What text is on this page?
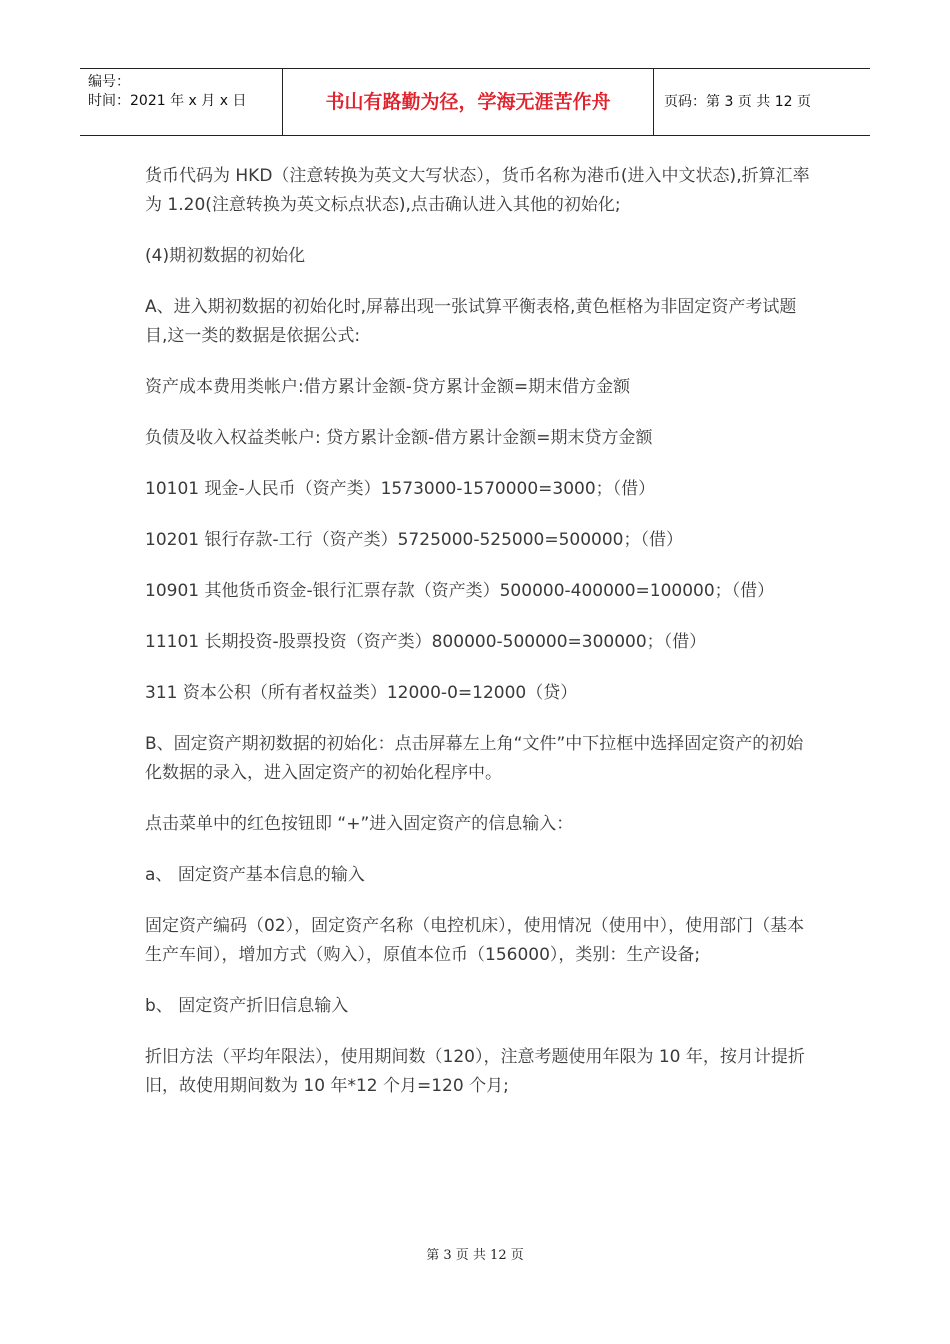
编号：
时间：2021 年 x 月 x 日	书山有路勤为径，学海无涯苦作舟	页码：第 3 页 共 12 页

货币代码为 HKD（注意转换为英文大写状态），货币名称为港币(进入中文状态),折算汇率为 1.20(注意转换为英文标点状态),点击确认进入其他的初始化;

(4)期初数据的初始化

A、进入期初数据的初始化时,屏幕出现一张试算平衡表格,黄色框格为非固定资产考试题目,这一类的数据是依据公式:

资产成本费用类帐户:借方累计金额-贷方累计金额=期末借方金额

负债及收入权益类帐户: 贷方累计金额-借方累计金额=期末贷方金额

10101 现金-人民币（资产类）1573000-1570000=3000；（借）

10201 银行存款-工行（资产类）5725000-525000=500000；（借）

10901 其他货币资金-银行汇票存款（资产类）500000-400000=100000；（借）

11101 长期投资-股票投资（资产类）800000-500000=300000；（借）

311 资本公积（所有者权益类）12000-0=12000（贷）

B、固定资产期初数据的初始化：点击屏幕左上角“文件”中下拉框中选择固定资产的初始化数据的录入，进入固定资产的初始化程序中。

点击菜单中的红色按钮即 “+”进入固定资产的信息输入：

a、 固定资产基本信息的输入

固定资产编码（02），固定资产名称（电控机床），使用情况（使用中），使用部门（基本生产车间），增加方式（购入），原值本位币（156000），类别：生产设备;

b、 固定资产折旧信息输入

折旧方法（平均年限法），使用期间数（120），注意考题使用年限为 10 年，按月计提折旧，故使用期间数为 10 年*12 个月=120 个月;

第 3 页 共 12 页
